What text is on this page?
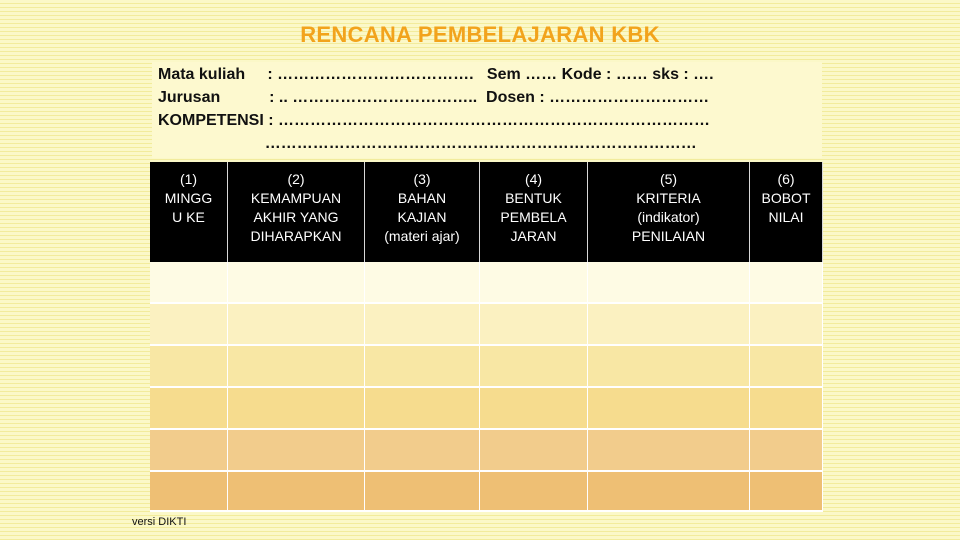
RENCANA PEMBELAJARAN KBK
Mata kuliah     : ……………………………….   Sem …… Kode : …… sks : ….
Jurusan           : .. ……………………………..  Dosen : …………………………
KOMPETENSI : ………………………………………………………………………
………………………………………………………………………
(1)
MINGG
U KE
(2)
KEMAMPUAN
AKHIR YANG
DIHARAPKAN
(3)
BAHAN
KAJIAN
(materi ajar)
(4)
BENTUK
PEMBELA
JARAN
(5)
KRITERIA
(indikator)
PENILAIAN
(6)
BOBOT
NILAI
versi DIKTI
